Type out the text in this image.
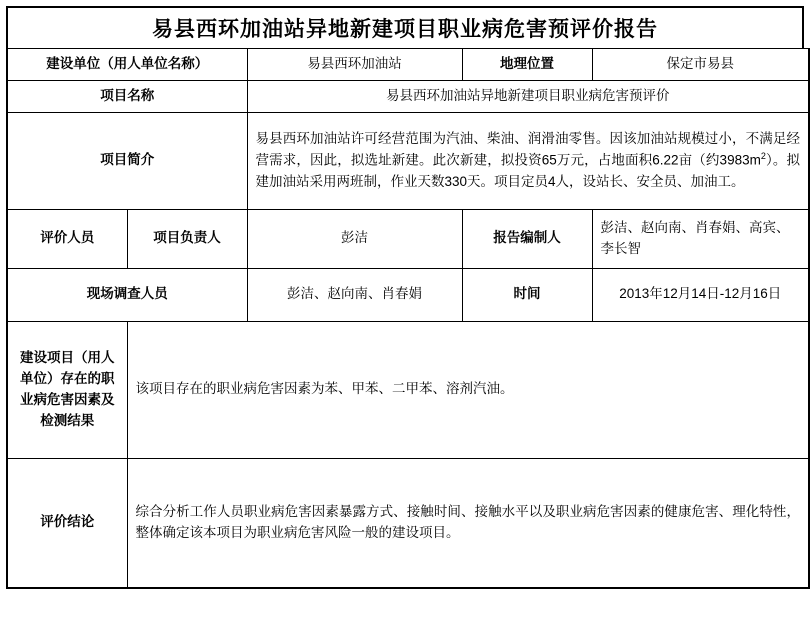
易县西环加油站异地新建项目职业病危害预评价报告
建设单位（用人单位名称）		易县西环加油站	地理位置	保定市易县
项目名称		易县西环加油站异地新建项目职业病危害预评价		
项目简介		易县西环加油站许可经营范围为汽油、柴油、润滑油零售。因该加油站规模过小，不满足经营需求，因此，拟选址新建。此次新建，拟投资65万元，占地面积6.22亩（约$3983m^2$）。拟建加油站采用两班制，作业天数330天。项目定员4人，设站长、安全员、加油工。		
评价人员	项目负责人	彭洁	报告编制人	彭洁、赵向南、肖春娟、高宾、李长智
现场调查人员		彭洁、赵向南、肖春娟	时间	2013年12月14日-12月16日
建设项目（用人单位）存在的职业病危害因素及检测结果	该项目存在的职业病危害因素为苯、甲苯、二甲苯、溶剂汽油。			
评价结论	综合分析工作人员职业病危害因素暴露方式、接触时间、接触水平以及职业病危害因素的健康危害、理化特性，整体确定该本项目为职业病危害风险一般的建设项目。			
